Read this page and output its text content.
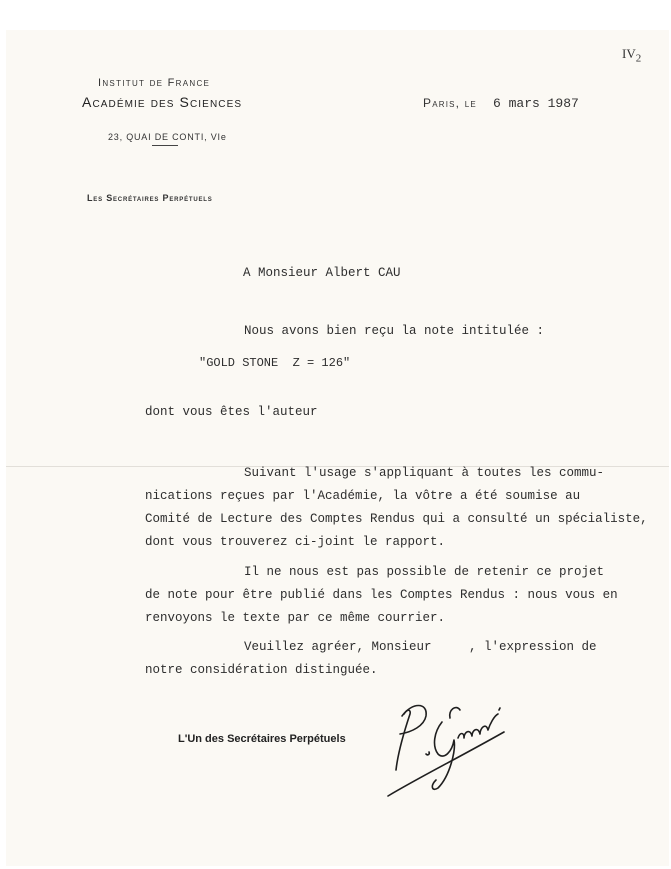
$IV_2$
Institut de France
Académie des Sciences
23, QUAI DE CONTI, VIe
Les Secrétaires Perpétuels
Paris, le 6 mars 1987

A Monsieur Albert CAU

Nous avons bien reçu la note intitulée :

"GOLD STONE  Z = 126"

dont vous êtes l'auteur

Suivant l'usage s'appliquant à toutes les commu-

nications reçues par l'Académie, la vôtre a été soumise au

Comité de Lecture des Comptes Rendus qui a consulté un spécialiste,

dont vous trouverez ci-joint le rapport.

Il ne nous est pas possible de retenir ce projet

de note pour être publié dans les Comptes Rendus : nous vous en

renvoyons le texte par ce même courrier.

Veuillez agréer, Monsieur     , l'expression de

notre considération distinguée.

L'Un des Secrétaires Perpétuels
